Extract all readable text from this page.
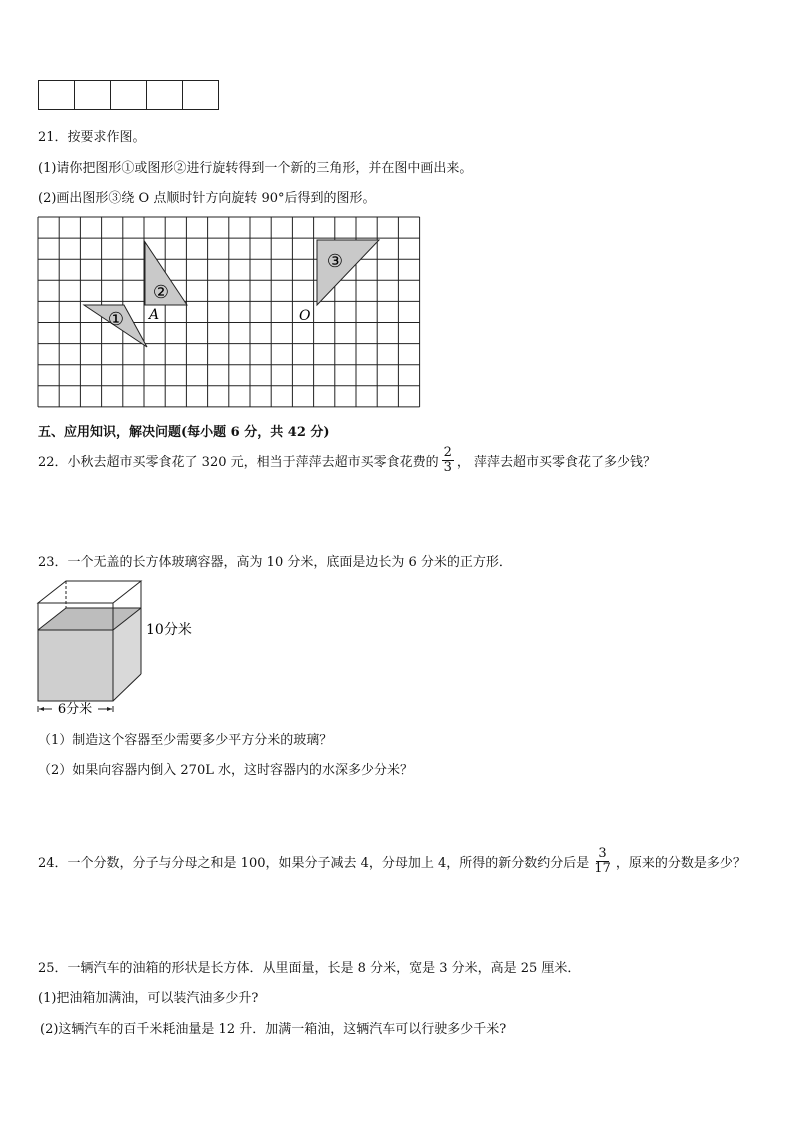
21．按要求作图。
(1)请你把图形①或图形②进行旋转得到一个新的三角形，并在图中画出来。
(2)画出图形③绕 O 点顺时针方向旋转 90°后得到的图形。
①
②
③
A	O
五、应用知识，解决问题(每小题 6 分，共 42 分)
22．小秋去超市买零食花了 320 元，相当于萍萍去超市买零食花费的 $\frac{2}{3}$ ， 萍萍去超市买零食花了多少钱？
23．一个无盖的长方体玻璃容器，高为 10 分米，底面是边长为 6 分米的正方形．
6分米
10分米
（1）制造这个容器至少需要多少平方分米的玻璃？
（2）如果向容器内倒入 270L 水，这时容器内的水深多少分米？
24．一个分数，分子与分母之和是 100，如果分子减去 4，分母加上 4，所得的新分数约分后是 $\frac{3}{17}$ ，原来的分数是多少？
25．一辆汽车的油箱的形状是长方体．从里面量，长是 8 分米，宽是 3 分米，高是 25 厘米．
(1)把油箱加满油，可以装汽油多少升?
(2)这辆汽车的百千米耗油量是 12 升．加满一箱油，这辆汽车可以行驶多少千米?
